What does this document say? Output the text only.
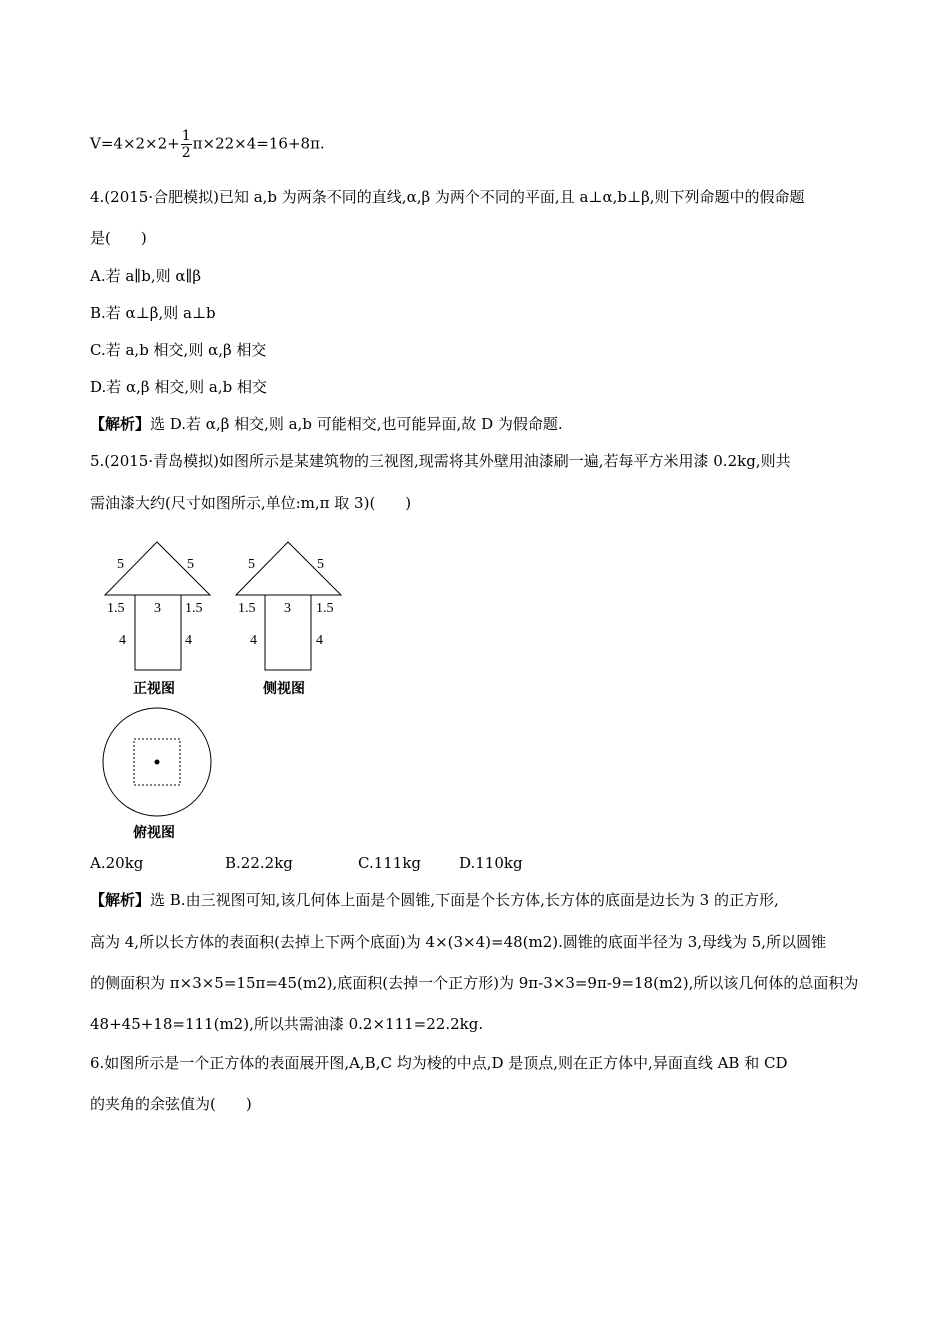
$V=4\times 2\times 2+ \frac{1}{2} \pi\times 22\times 4=16+8\pi$.
4.(2015·合肥模拟)已知 a,b 为两条不同的直线,α,β 为两个不同的平面,且 a⊥α,b⊥β,则下列命题中的假命题
是(　　)
A.若 a∥b,则 α∥β
B.若 α⊥β,则 a⊥b
C.若 a,b 相交,则 α,β 相交
D.若 α,β 相交,则 a,b 相交
【解析】选 D.若 α,β 相交,则 a,b 可能相交,也可能异面,故 D 为假命题.
5.(2015·青岛模拟)如图所示是某建筑物的三视图,现需将其外壁用油漆刷一遍,若每平方米用漆 0.2kg,则共
需油漆大约(尺寸如图所示,单位:m,π 取 3)(　　)
5	5
1.5 3 1.5
4	4
正视图
5	5
1.5 3 1.5
4	4
侧视图
俯视图
A.20kg	B.22.2kg	C.111kg	D.110kg
【解析】选 B.由三视图可知,该几何体上面是个圆锥,下面是个长方体,长方体的底面是边长为 3 的正方形,
高为 4,所以长方体的表面积(去掉上下两个底面)为 4×(3×4)=48(m2).圆锥的底面半径为 3,母线为 5,所以圆锥
的侧面积为 π×3×5=15π=45(m2),底面积(去掉一个正方形)为 9π-3×3=9π-9=18(m2),所以该几何体的总面积为
48+45+18=111(m2),所以共需油漆 0.2×111=22.2kg.
6.如图所示是一个正方体的表面展开图,A,B,C 均为棱的中点,D 是顶点,则在正方体中,异面直线 AB 和 CD
的夹角的余弦值为(　　)
